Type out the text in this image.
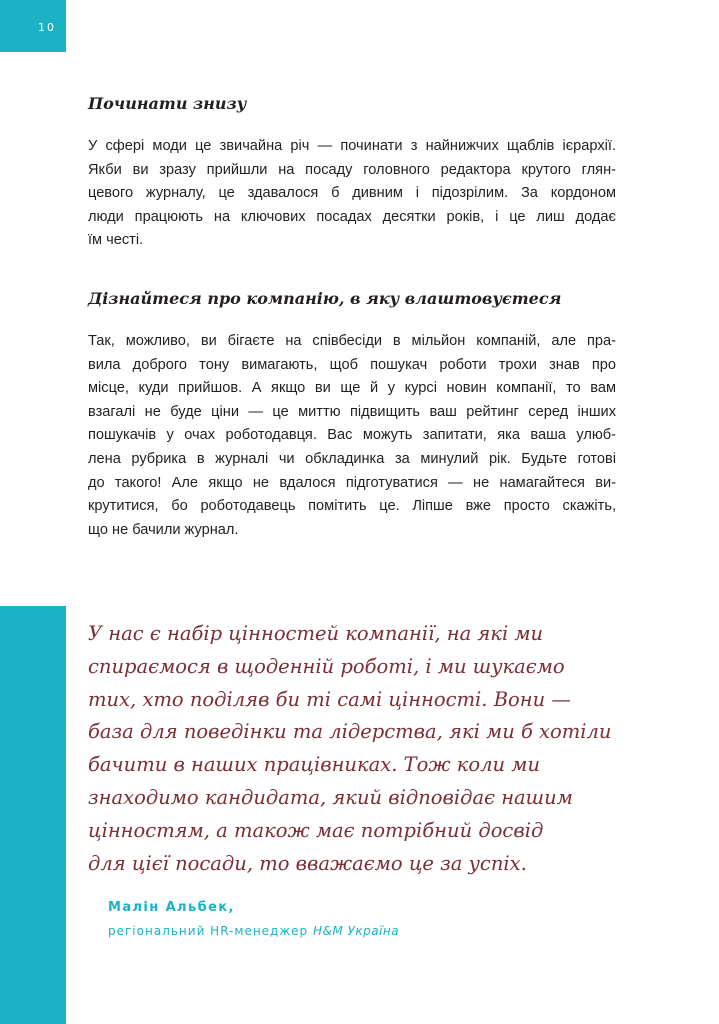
10
Починати знизу

У сфері моди це звичайна річ — починати з найнижчих щаблів ієрархії.
Якби ви зразу прийшли на посаду головного редактора крутого глян-
цевого журналу, це здавалося б дивним і підозрілим. За кордоном
люди працюють на ключових посадах десятки років, і це лиш додає
їм честі.

Дізнайтеся про компанію, в яку влаштовуєтеся

Так, можливо, ви бігаєте на співбесіди в мільйон компаній, але пра-
вила доброго тону вимагають, щоб пошукач роботи трохи знав про
місце, куди прийшов. А якщо ви ще й у курсі новин компанії, то вам
взагалі не буде ціни — це миттю підвищить ваш рейтинг серед інших
пошукачів у очах роботодавця. Вас можуть запитати, яка ваша улюб-
лена рубрика в журналі чи обкладинка за минулий рік. Будьте готові
до такого! Але якщо не вдалося підготуватися — не намагайтеся ви-
крутитися, бо роботодавець помітить це. Ліпше вже просто скажіть,
що не бачили журнал.

У нас є набір цінностей компанії, на які ми
спираємося в щоденній роботі, і ми шукаємо
тих, хто поділяв би ті самі цінності. Вони —
база для поведінки та лідерства, які ми б хотіли
бачити в наших працівниках. Тож коли ми
знаходимо кандидата, який відповідає нашим
цінностям, а також має потрібний досвід
для цієї посади, то вважаємо це за успіх.

Малін Альбек,

регіональний HR-менеджер H&M Україна
